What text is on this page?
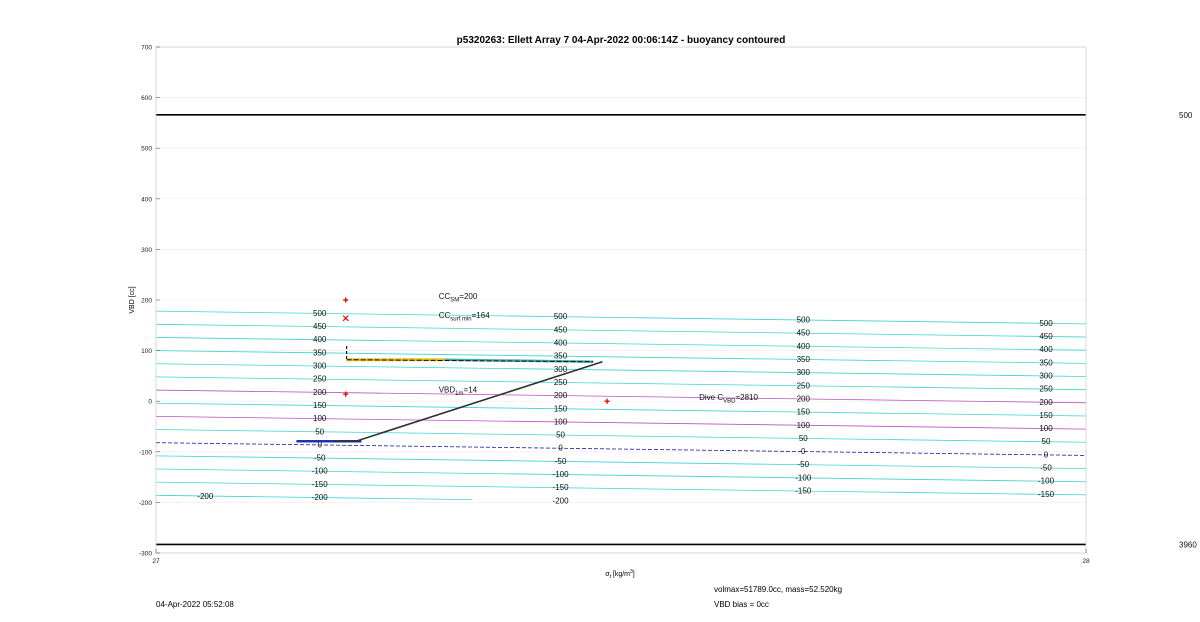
p5320263: Ellett Array 7 04-Apr-2022 00:06:14Z - buoyancy contoured
500
450
400
350
300
250
200
150
100
50
0
-50
-100
-150
-200
500
450
400
350
300
250
200
150
100
50
0
-50
-100
-150
-200
500
450
400
350
300
250
200
150
100
50
0
-50
-100
-150
500
450
400
350
300
250
200
150
100
50
0
-50
-100
-150
-200
500
3960
$CC_{SM}=200$
$CC_{surf min}=164$
$VBD_{1m}=14$
Dive $C_{VBD}=2810$
700
600
500
400
300
200
100
0
-100
-200
-300
27	28
VBD [cc]
$\sigma_t$ $[kg/m^3]$
04-Apr-2022 05:52:08
volmax=51789.0cc, mass=52.520kg
VBD bias = 0cc
